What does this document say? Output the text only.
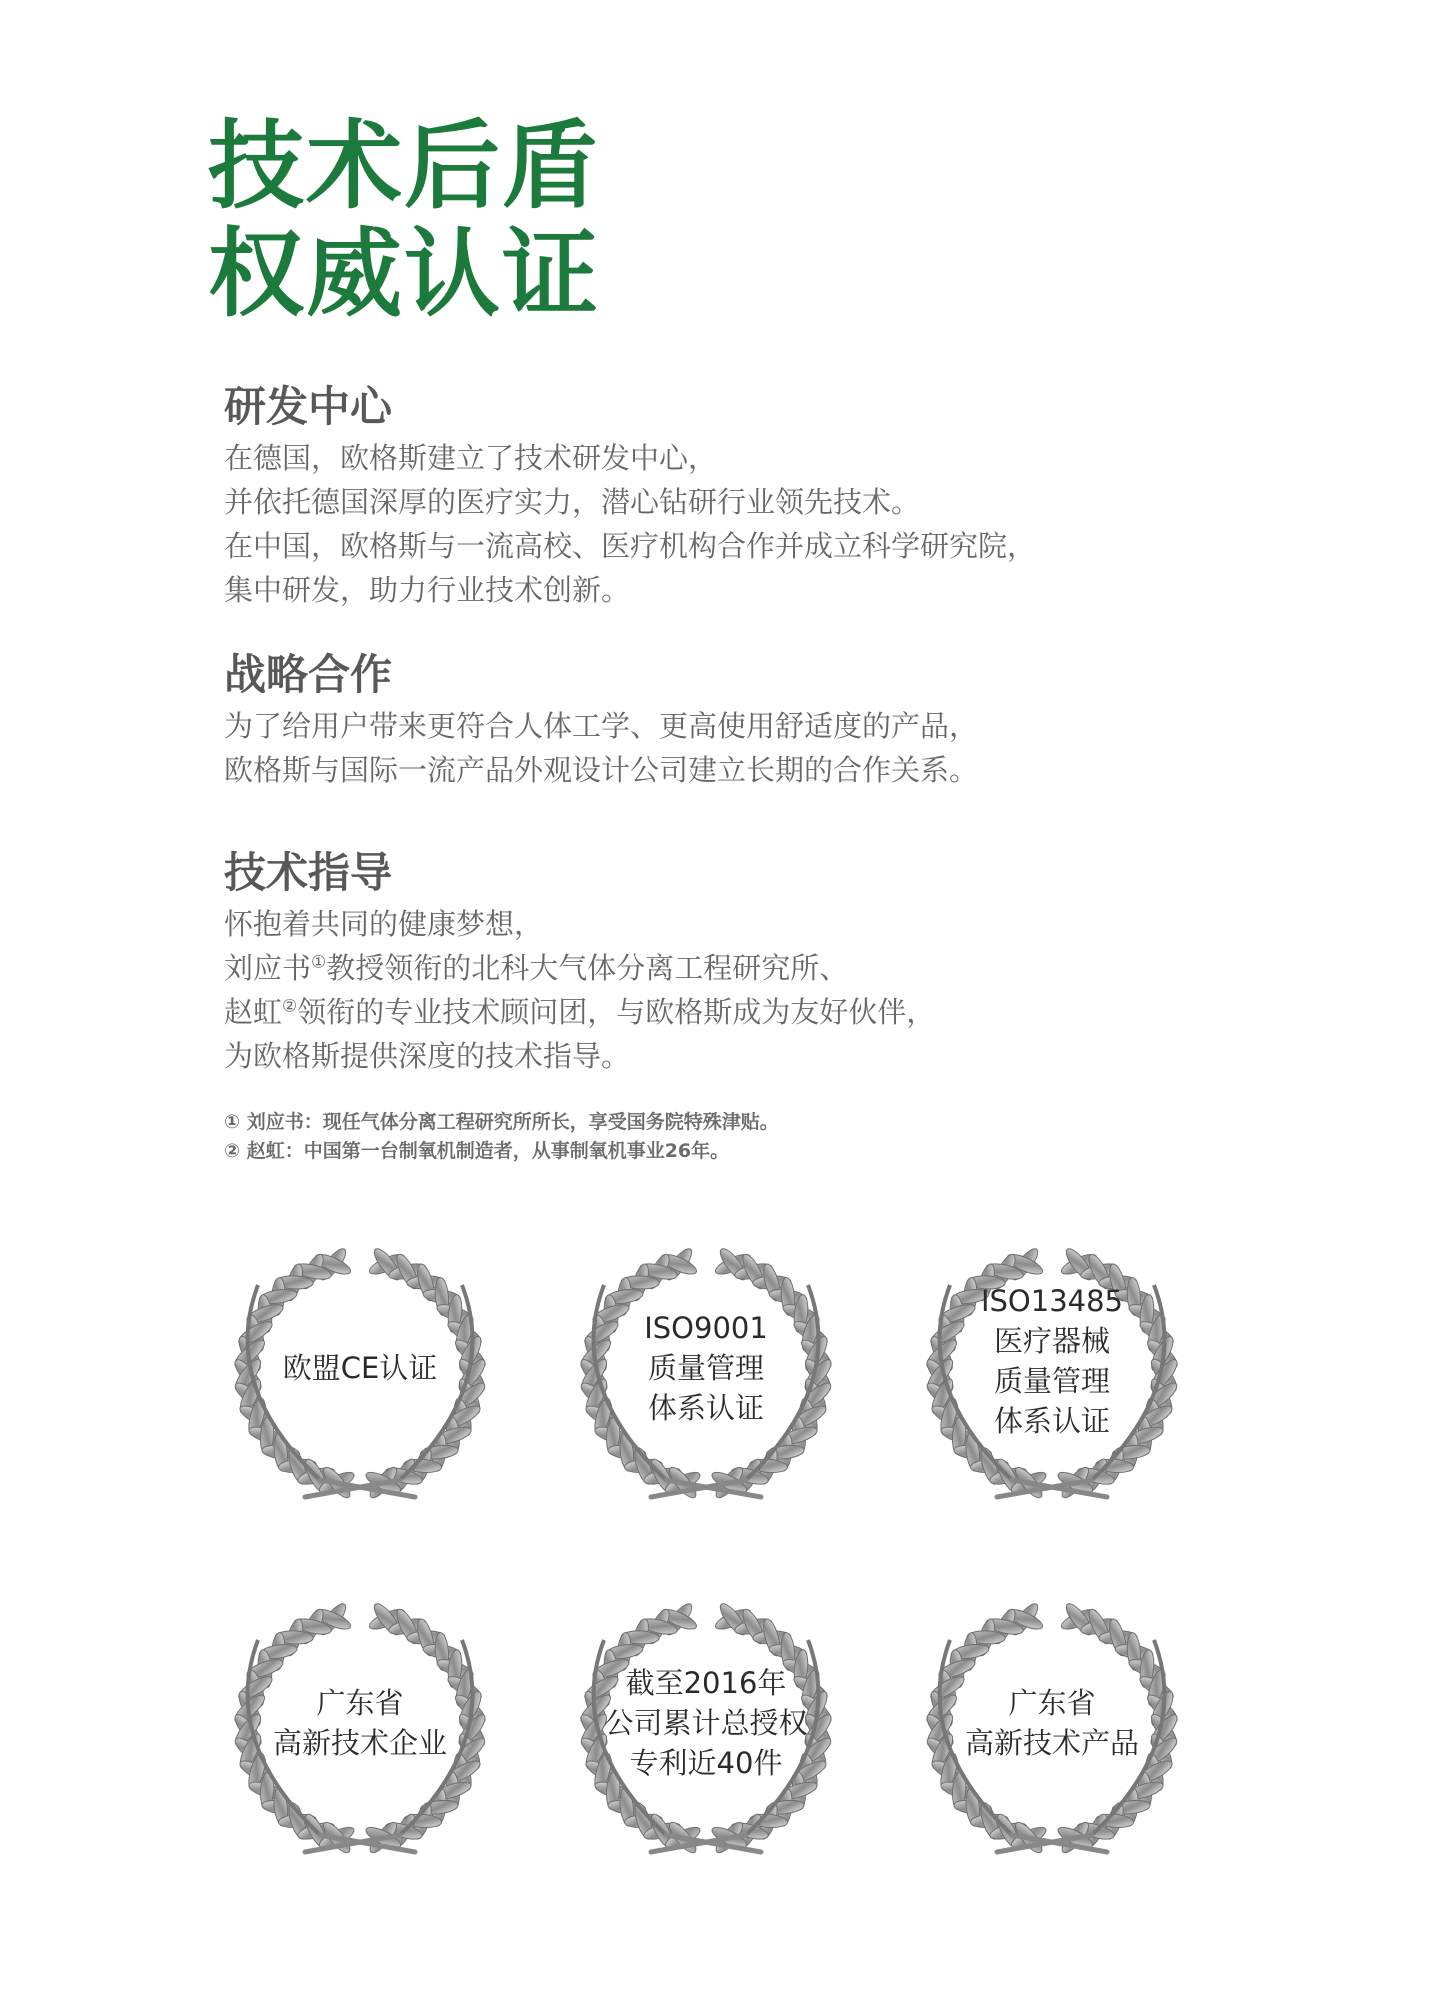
技术后盾
权威认证
研发中心

在德国，欧格斯建立了技术研发中心，

并依托德国深厚的医疗实力，潜心钻研行业领先技术。

在中国，欧格斯与一流高校、医疗机构合作并成立科学研究院，

集中研发，助力行业技术创新。

战略合作

为了给用户带来更符合人体工学、更高使用舒适度的产品，

欧格斯与国际一流产品外观设计公司建立长期的合作关系。

技术指导

怀抱着共同的健康梦想，

刘应书①教授领衔的北科大气体分离工程研究所、

赵虹②领衔的专业技术顾问团，与欧格斯成为友好伙伴，

为欧格斯提供深度的技术指导。

① 刘应书：现任气体分离工程研究所所长，享受国务院特殊津贴。
② 赵虹：中国第一台制氧机制造者，从事制氧机事业26年。
欧盟CE认证
ISO9001
质量管理
体系认证
ISO13485
医疗器械
质量管理
体系认证
广东省
高新技术企业
截至2016年
公司累计总授权
专利近40件
广东省
高新技术产品
